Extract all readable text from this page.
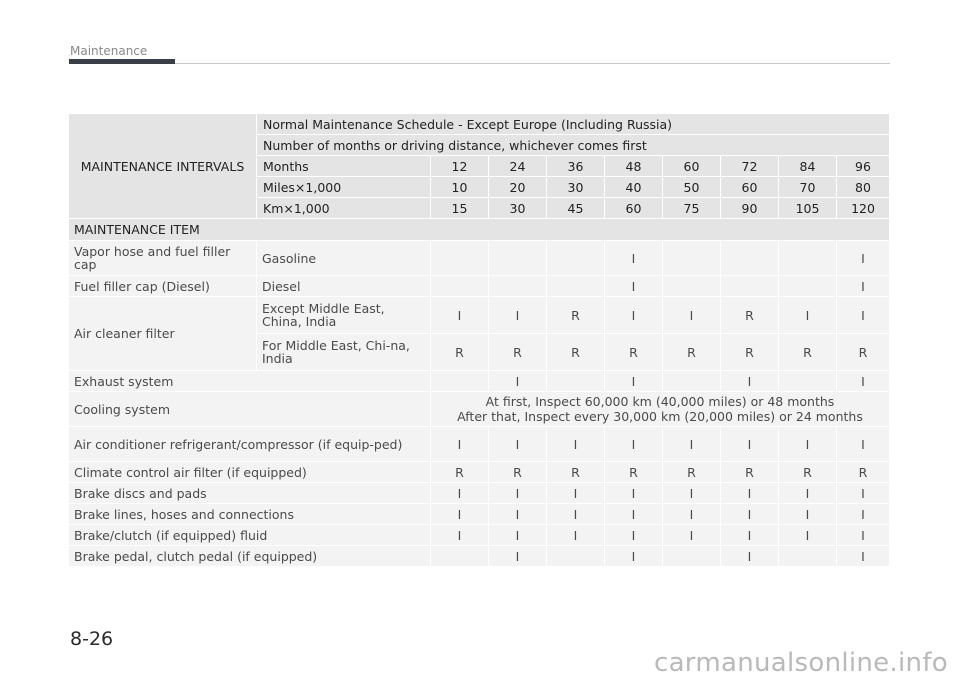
Maintenance
MAINTENANCE INTERVALS	Normal Maintenance Schedule - Except Europe (Including Russia)								
	Number of months or driving distance, whichever comes first								
	Months	12	24	36	48	60	72	84	96
	Miles×1,000	10	20	30	40	50	60	70	80
	Km×1,000	15	30	45	60	75	90	105	120
MAINTENANCE ITEM									
Vapor hose and fuel filler cap	Gasoline				I				I
Fuel filler cap (Diesel)	Diesel				I				I
Air cleaner filter	Except Middle East, China, India	I	I	R	I	I	R	I	I
	For Middle East, Chi-na, India	R	R	R	R	R	R	R	R
Exhaust system			I		I		I		I
Cooling system		At first, Inspect 60,000 km (40,000 miles) or 48 months
After that, Inspect every 30,000 km (20,000 miles) or 24 months							

Air conditioner refrigerant/compressor (if equip-ped)		I	I	I	I	I	I	I	I
Climate control air filter (if equipped)		R	R	R	R	R	R	R	R
Brake discs and pads		I	I	I	I	I	I	I	I
Brake lines, hoses and connections		I	I	I	I	I	I	I	I
Brake/clutch (if equipped) fluid		I	I	I	I	I	I	I	I
Brake pedal, clutch pedal (if equipped)			I		I		I		I
8-26
carmanualsonline.info
